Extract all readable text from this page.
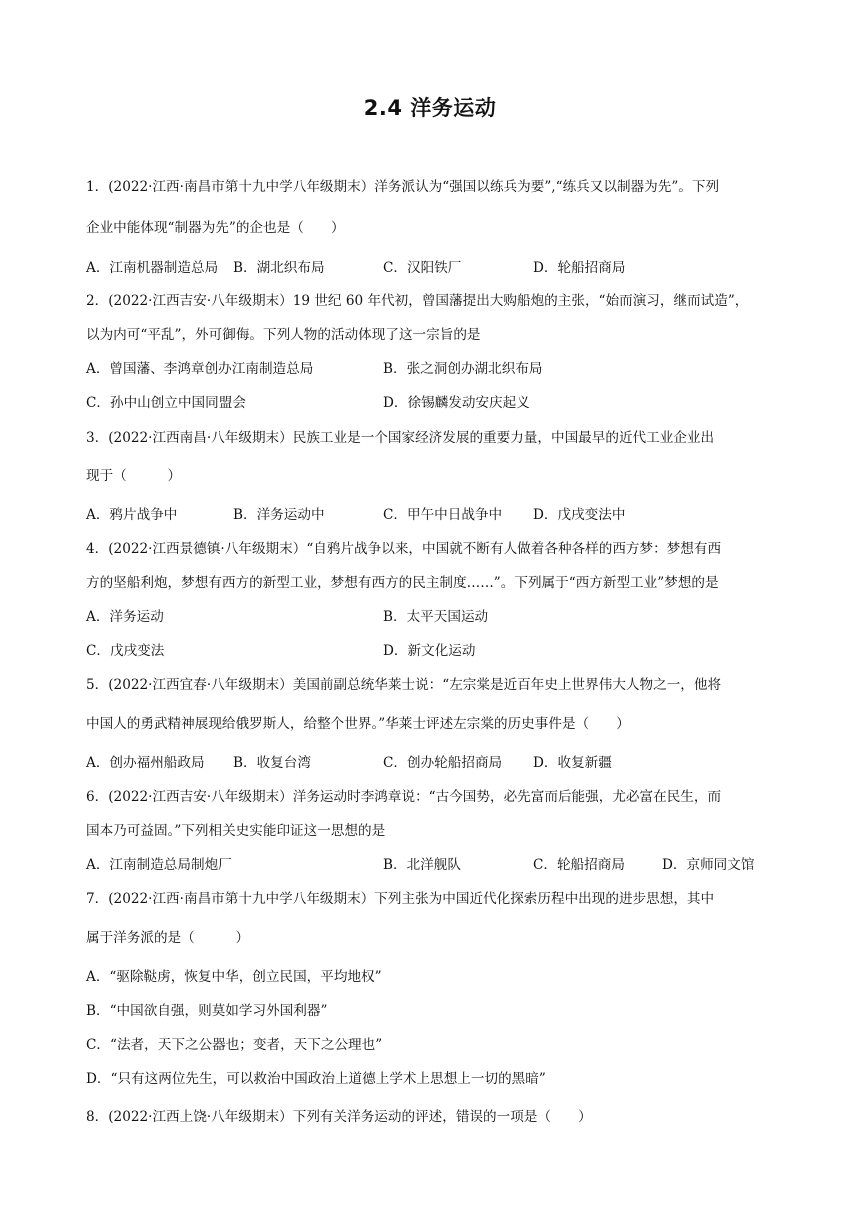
2.4 洋务运动
1．(2022·江西·南昌市第十九中学八年级期末）洋务派认为“强国以练兵为要”,“练兵又以制器为先”。下列
企业中能体现“制器为先”的企也是（　　）
A．江南机器制造总局 B．湖北织布局	C．汉阳铁厂	D．轮船招商局
2．(2022·江西吉安·八年级期末）19 世纪 60 年代初，曾国藩提出大购船炮的主张，“始而演习，继而试造”，
以为内可“平乱”，外可御侮。下列人物的活动体现了这一宗旨的是
A．曾国藩、李鸿章创办江南制造总局	B．张之洞创办湖北织布局
C．孙中山创立中国同盟会	D．徐锡麟发动安庆起义
3．(2022·江西南昌·八年级期末）民族工业是一个国家经济发展的重要力量，中国最早的近代工业企业出
现于（　　　）
A．鸦片战争中	B．洋务运动中	C．甲午中日战争中 D．戊戌变法中
4．(2022·江西景德镇·八年级期末）“自鸦片战争以来，中国就不断有人做着各种各样的西方梦：梦想有西
方的坚船利炮，梦想有西方的新型工业，梦想有西方的民主制度……”。下列属于“西方新型工业”梦想的是
A．洋务运动	B．太平天国运动
C．戊戌变法	D．新文化运动
5．(2022·江西宜春·八年级期末）美国前副总统华莱士说：“左宗棠是近百年史上世界伟大人物之一，他将
中国人的勇武精神展现给俄罗斯人，给整个世界。”华莱士评述左宗棠的历史事件是（　　）
A．创办福州船政局 B．收复台湾	C．创办轮船招商局 D．收复新疆
6．(2022·江西吉安·八年级期末）洋务运动时李鸿章说：“古今国势，必先富而后能强，尤必富在民生，而
国本乃可益固。”下列相关史实能印证这一思想的是
A．江南制造总局制炮厂	B．北洋舰队	C．轮船招商局	D．京师同文馆
7．(2022·江西·南昌市第十九中学八年级期末）下列主张为中国近代化探索历程中出现的进步思想，其中
属于洋务派的是（　　　）
A．“驱除鞑虏，恢复中华，创立民国，平均地权”
B．“中国欲自强，则莫如学习外国利器”
C．“法者，天下之公器也；变者，天下之公理也”
D．“只有这两位先生，可以救治中国政治上道德上学术上思想上一切的黑暗”
8．(2022·江西上饶·八年级期末）下列有关洋务运动的评述，错误的一项是（　　）
